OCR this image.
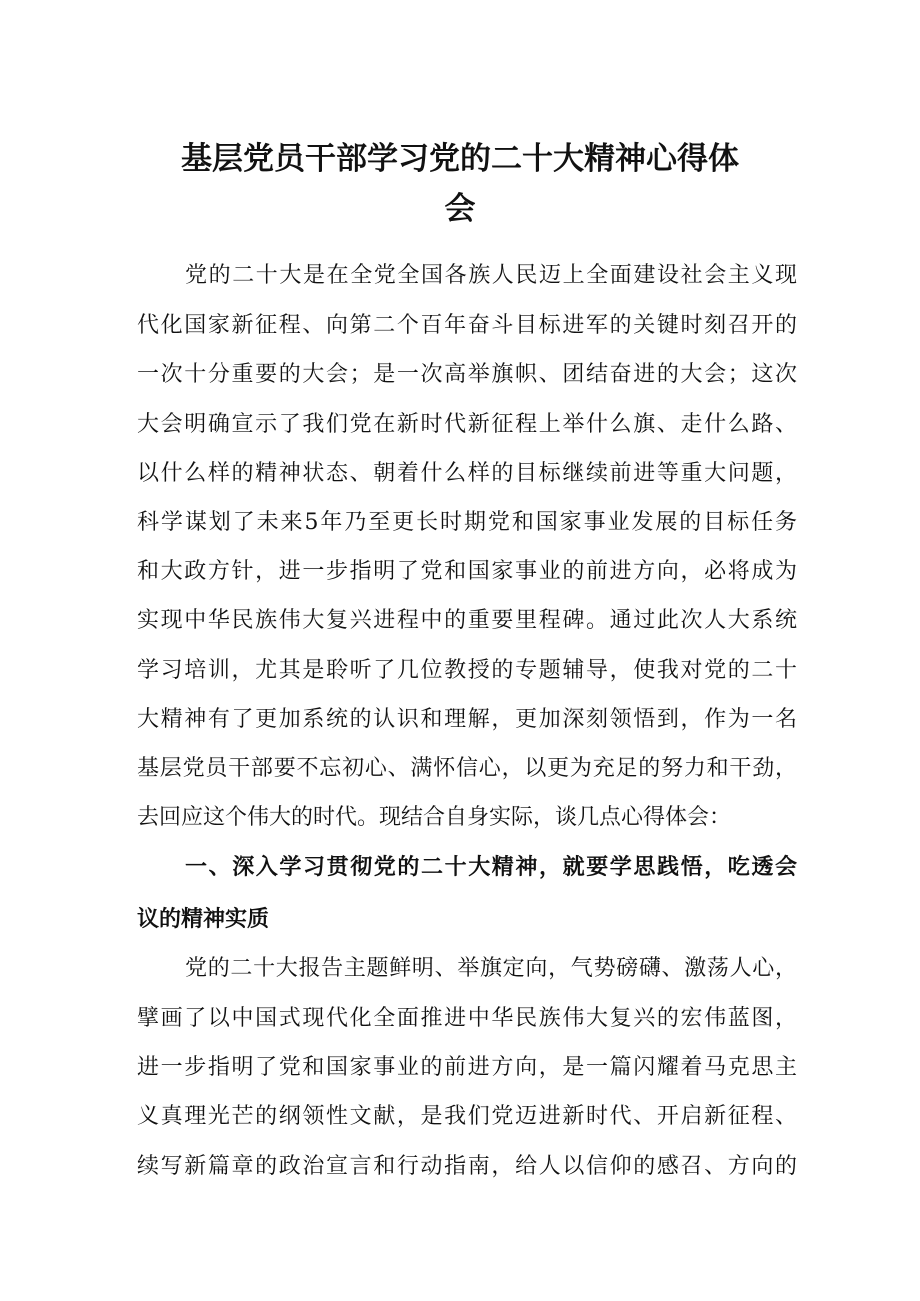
基层党员干部学习党的二十大精神心得体
会
党的二十大是在全党全国各族人民迈上全面建设社会主义现
代化国家新征程、向第二个百年奋斗目标进军的关键时刻召开的
一次十分重要的大会；是一次高举旗帜、团结奋进的大会；这次
大会明确宣示了我们党在新时代新征程上举什么旗、走什么路、
以什么样的精神状态、朝着什么样的目标继续前进等重大问题，
科学谋划了未来5年乃至更长时期党和国家事业发展的目标任务
和大政方针，进一步指明了党和国家事业的前进方向，必将成为
实现中华民族伟大复兴进程中的重要里程碑。通过此次人大系统
学习培训，尤其是聆听了几位教授的专题辅导，使我对党的二十
大精神有了更加系统的认识和理解，更加深刻领悟到，作为一名
基层党员干部要不忘初心、满怀信心，以更为充足的努力和干劲，
去回应这个伟大的时代。现结合自身实际，谈几点心得体会：
一、深入学习贯彻党的二十大精神，就要学思践悟，吃透会
议的精神实质
党的二十大报告主题鲜明、举旗定向，气势磅礴、激荡人心，
擘画了以中国式现代化全面推进中华民族伟大复兴的宏伟蓝图，
进一步指明了党和国家事业的前进方向，是一篇闪耀着马克思主
义真理光芒的纲领性文献，是我们党迈进新时代、开启新征程、
续写新篇章的政治宣言和行动指南，给人以信仰的感召、方向的
